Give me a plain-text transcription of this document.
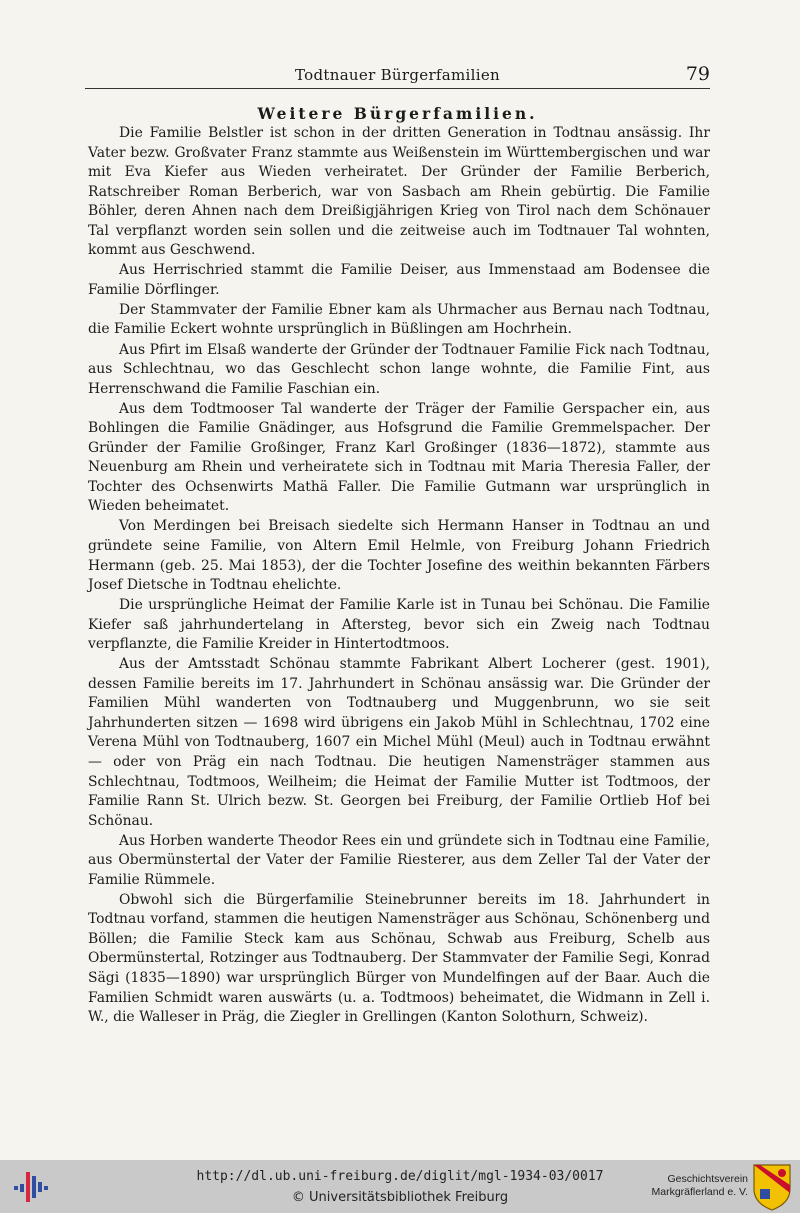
Todtnauer Bürgerfamilien	79
Weitere Bürgerfamilien.

Die Familie Belstler ist schon in der dritten Generation in Todtnau ansässig. Ihr Vater bezw. Großvater Franz stammte aus Weißenstein im Württembergischen und war mit Eva Kiefer aus Wieden verheiratet. Der Gründer der Familie Berberich, Ratschreiber Roman Berberich, war von Sasbach am Rhein gebürtig. Die Familie Böhler, deren Ahnen nach dem Dreißigjährigen Krieg von Tirol nach dem Schönauer Tal verpflanzt worden sein sollen und die zeitweise auch im Todtnauer Tal wohnten, kommt aus Geschwend.

Aus Herrischried stammt die Familie Deiser, aus Immenstaad am Bodensee die Familie Dörflinger.

Der Stammvater der Familie Ebner kam als Uhrmacher aus Bernau nach Todtnau, die Familie Eckert wohnte ursprünglich in Büßlingen am Hochrhein.

Aus Pfirt im Elsaß wanderte der Gründer der Todtnauer Familie Fick nach Todtnau, aus Schlechtnau, wo das Geschlecht schon lange wohnte, die Familie Fint, aus Herrenschwand die Familie Faschian ein.

Aus dem Todtmooser Tal wanderte der Träger der Familie Gerspacher ein, aus Bohlingen die Familie Gnädinger, aus Hofsgrund die Familie Gremmelspacher. Der Gründer der Familie Großinger, Franz Karl Großinger (1836—1872), stammte aus Neuenburg am Rhein und verheiratete sich in Todtnau mit Maria Theresia Faller, der Tochter des Ochsenwirts Mathä Faller. Die Familie Gutmann war ursprünglich in Wieden beheimatet.

Von Merdingen bei Breisach siedelte sich Hermann Hanser in Todtnau an und gründete seine Familie, von Altern Emil Helmle, von Freiburg Johann Friedrich Hermann (geb. 25. Mai 1853), der die Tochter Josefine des weithin bekannten Färbers Josef Dietsche in Todtnau ehelichte.

Die ursprüngliche Heimat der Familie Karle ist in Tunau bei Schönau. Die Familie Kiefer saß jahrhundertelang in Aftersteg, bevor sich ein Zweig nach Todtnau verpflanzte, die Familie Kreider in Hintertodtmoos.

Aus der Amtsstadt Schönau stammte Fabrikant Albert Locherer (gest. 1901), dessen Familie bereits im 17. Jahrhundert in Schönau ansässig war. Die Gründer der Familien Mühl wanderten von Todtnauberg und Muggenbrunn, wo sie seit Jahrhunderten sitzen — 1698 wird übrigens ein Jakob Mühl in Schlechtnau, 1702 eine Verena Mühl von Todtnauberg, 1607 ein Michel Mühl (Meul) auch in Todtnau erwähnt — oder von Präg ein nach Todtnau. Die heutigen Namensträger stammen aus Schlechtnau, Todtmoos, Weilheim; die Heimat der Familie Mutter ist Todtmoos, der Familie Rann St. Ulrich bezw. St. Georgen bei Freiburg, der Familie Ortlieb Hof bei Schönau.

Aus Horben wanderte Theodor Rees ein und gründete sich in Todtnau eine Familie, aus Obermünstertal der Vater der Familie Riesterer, aus dem Zeller Tal der Vater der Familie Rümmele.

Obwohl sich die Bürgerfamilie Steinebrunner bereits im 18. Jahrhundert in Todtnau vorfand, stammen die heutigen Namensträger aus Schönau, Schönenberg und Böllen; die Familie Steck kam aus Schönau, Schwab aus Freiburg, Schelb aus Obermünstertal, Rotzinger aus Todtnauberg. Der Stammvater der Familie Segi, Konrad Sägi (1835—1890) war ursprünglich Bürger von Mundelfingen auf der Baar. Auch die Familien Schmidt waren auswärts (u. a. Todtmoos) beheimatet, die Widmann in Zell i. W., die Walleser in Präg, die Ziegler in Grellingen (Kanton Solothurn, Schweiz).

http://dl.ub.uni-freiburg.de/diglit/mgl-1934-03/0017
© Universitätsbibliothek Freiburg
Geschichtsverein
Markgräflerland e. V.
